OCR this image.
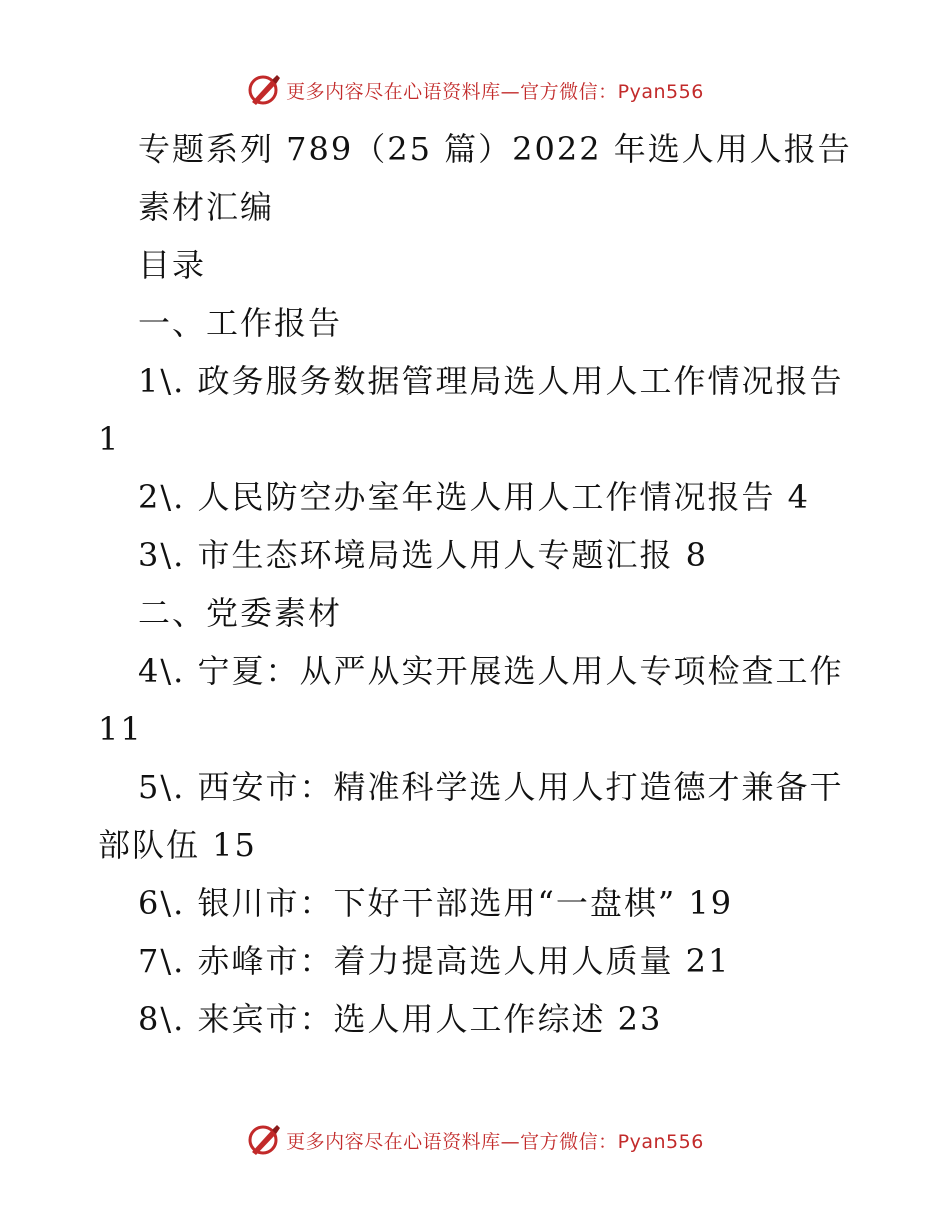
更多内容尽在心语资料库—官方微信：Pyan556
专题系列 789（25 篇）2022 年选人用人报告
素材汇编
目录
一、工作报告
1\. 政务服务数据管理局选人用人工作情况报告
1
2\. 人民防空办室年选人用人工作情况报告 4
3\. 市生态环境局选人用人专题汇报 8
二、党委素材
4\. 宁夏：从严从实开展选人用人专项检查工作
11
5\. 西安市：精准科学选人用人打造德才兼备干
部队伍 15
6\. 银川市：下好干部选用“一盘棋” 19
7\. 赤峰市：着力提高选人用人质量 21
8\. 来宾市：选人用人工作综述 23
更多内容尽在心语资料库—官方微信：Pyan556
